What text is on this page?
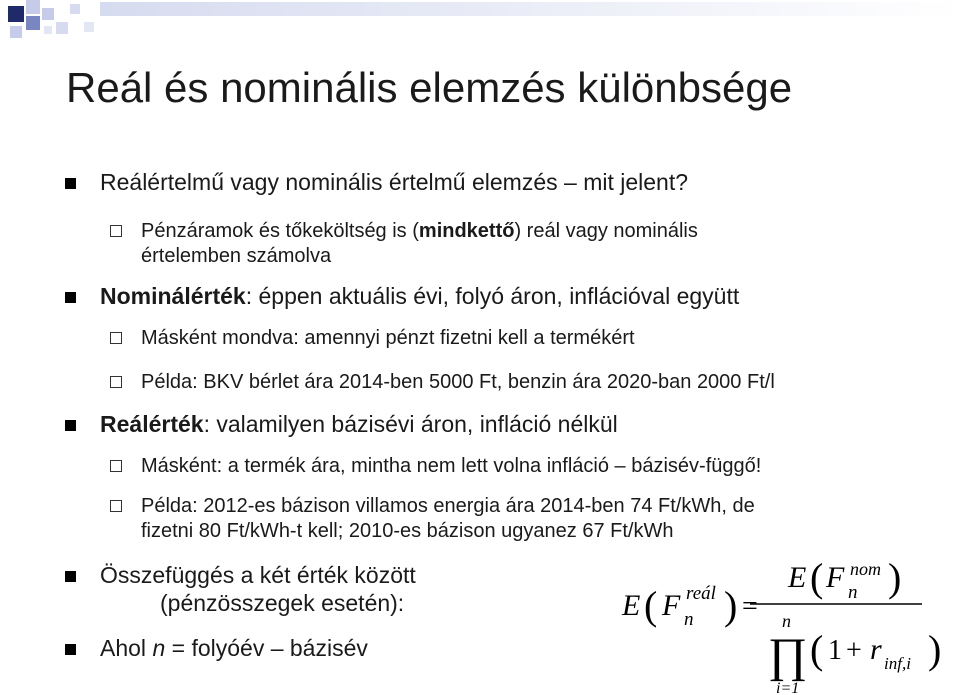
Reál és nominális elemzés különbsége
Reálértelmű vagy nominális értelmű elemzés – mit jelent?
Pénzáramok és tőkeköltség is (mindkettő) reál vagy nominális
értelemben számolva
Nominálérték: éppen aktuális évi, folyó áron, inflációval együtt
Másként mondva: amennyi pénzt fizetni kell a termékért
Példa: BKV bérlet ára 2014-ben 5000 Ft, benzin ára 2020-ban 2000 Ft/l
Reálérték: valamilyen bázisévi áron, infláció nélkül
Másként: a termék ára, mintha nem lett volna infláció – bázisév-függő!
Példa: 2012-es bázison villamos energia ára 2014-ben 74 Ft/kWh, de
fizetni 80 Ft/kWh-t kell; 2010-es bázison ugyanez 67 Ft/kWh
Összefüggés a két érték között
(pénzösszegek esetén):
Ahol n = folyóév – bázisév
E ( F reál
n ) =
E ( F nom
n )
n
∏
i=1
( 1 + r inf,i )
